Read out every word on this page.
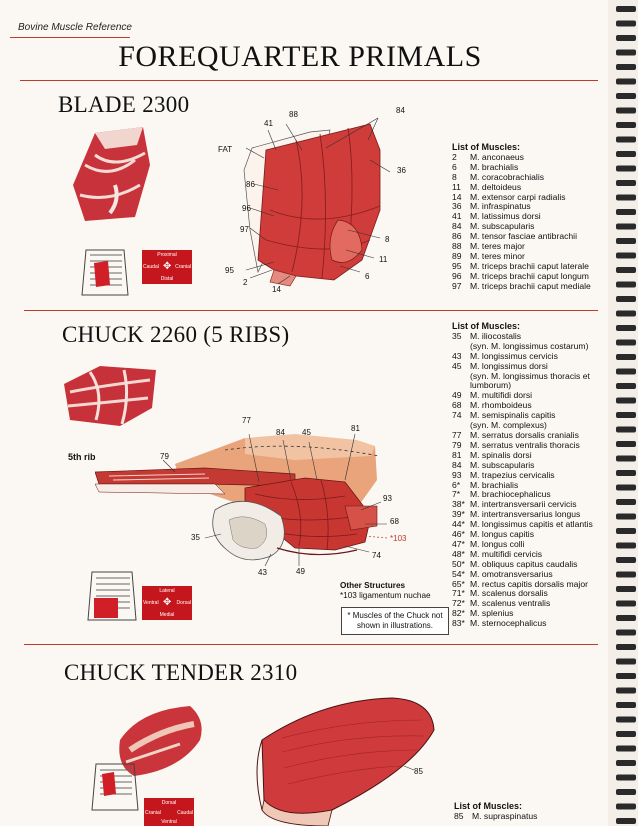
Bovine Muscle Reference
FOREQUARTER PRIMALS
BLADE 2300
Proximal
Caudal	Cranial
Distal
✥
88	84
41
FAT
36
86
96
97
8
11
95
6
2
14
List of Muscles:
2 M. anconaeus
6 M. brachialis
8 M. coracobrachialis
11 M. deltoideus
14 M. extensor carpi radialis
36 M. infraspinatus
41 M. latissimus dorsi
84 M. subscapularis
86 M. tensor fasciae antibrachii
88 M. teres major
89 M. teres minor
95 M. triceps brachii caput laterale
96 M. triceps brachii caput longum
97 M. triceps brachii caput mediale
CHUCK 2260 (5 RIBS)
5th rib	79
77
84 45	81
93
68
*103
35
74
43	49
Lateral
Ventral	Dorsal
Medial
✥
Other Structures
*103 ligamentum nuchae
* Muscles of the Chuck not shown in illustrations.
List of Muscles:
35 M. iliocostalis
(syn. M. longissimus costarum)
43 M. longissimus cervicis
45 M. longissimus dorsi
(syn. M. longissimus thoracis et
lumborum)
49 M. multifidi dorsi
68 M. rhomboideus
74 M. semispinalis capitis
(syn. M. complexus)
77 M. serratus dorsalis cranialis
79 M. serratus ventralis thoracis
81 M. spinalis dorsi
84 M. subscapularis
93 M. trapezius cervicalis
6* M. brachialis
7* M. brachiocephalicus
38* M. intertransversarii cervicis
39* M. intertransversarius longus
44* M. longissimus capitis et atlantis
46* M. longus capitis
47* M. longus colli
48* M. multifidi cervicis
50* M. obliquus capitus caudalis
54* M. omotransversarius
65* M. rectus capitis dorsalis major
71* M. scalenus dorsalis
72* M. scalenus ventralis
82* M. splenius
83* M. sternocephalicus
CHUCK TENDER 2310
85
Dorsal
Cranial	Caudal
Ventral
List of Muscles:
85 M. supraspinatus
